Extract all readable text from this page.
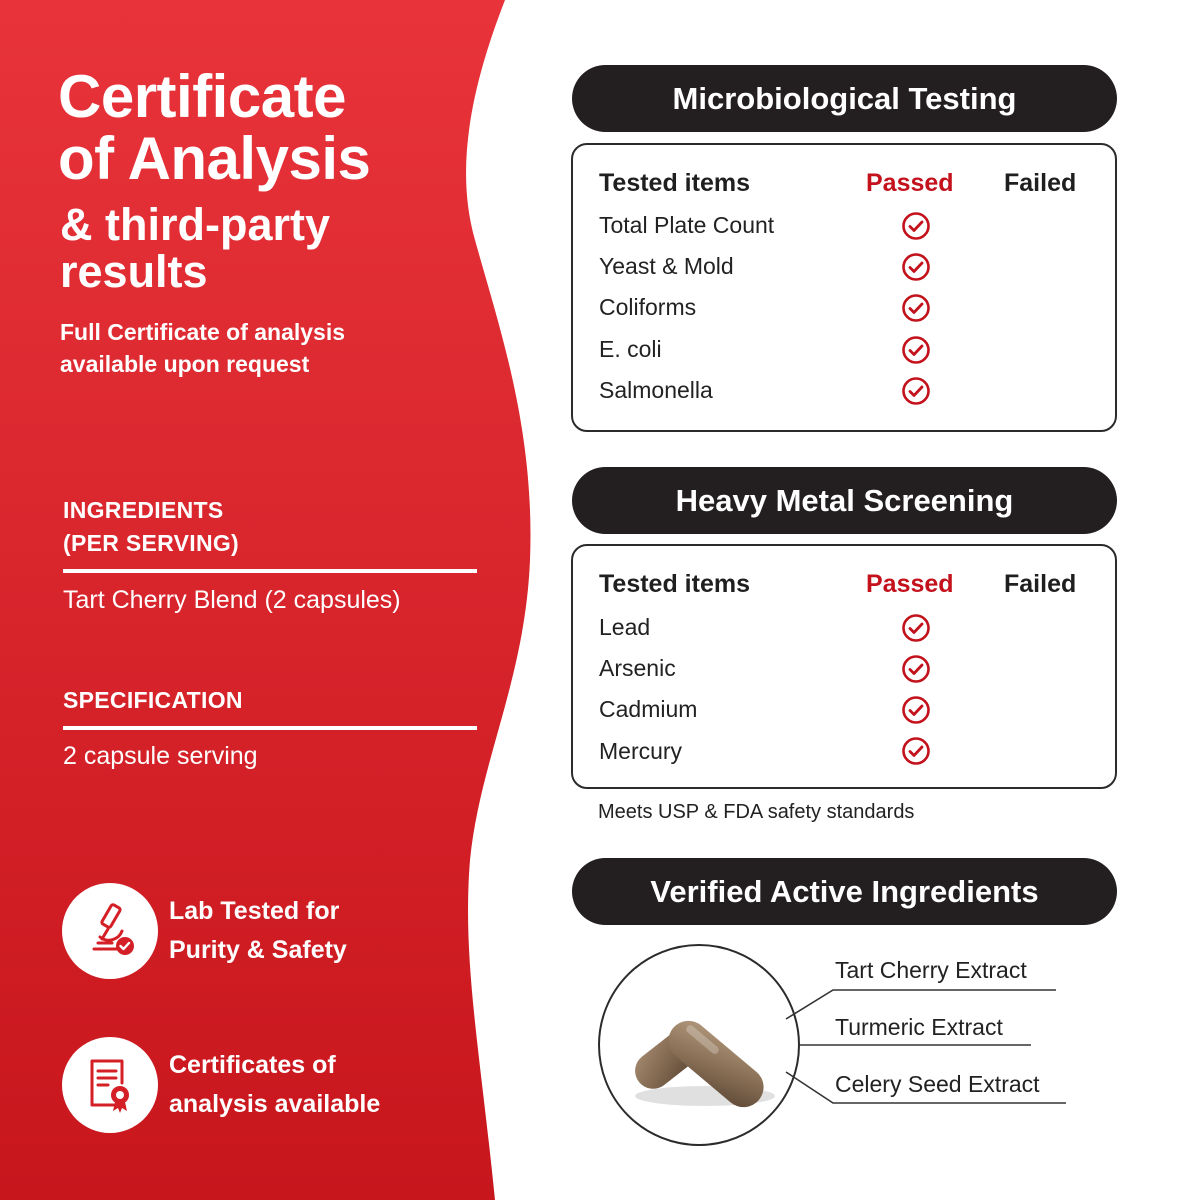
Certificate
of Analysis
& third-party
results
Full Certificate of analysis
available upon request
INGREDIENTS
(PER SERVING)
Tart Cherry Blend (2 capsules)
SPECIFICATION
2 capsule serving
Lab Tested for
Purity & Safety
Certificates of
analysis available
Microbiological Testing
Tested items	Passed Failed
Total Plate Count
Yeast & Mold
Coliforms
E. coli
Salmonella
Heavy Metal Screening
Tested items	Passed Failed
Lead
Arsenic
Cadmium
Mercury
Meets USP & FDA safety standards
Verified Active Ingredients
Tart Cherry Extract
Turmeric Extract
Celery Seed Extract
